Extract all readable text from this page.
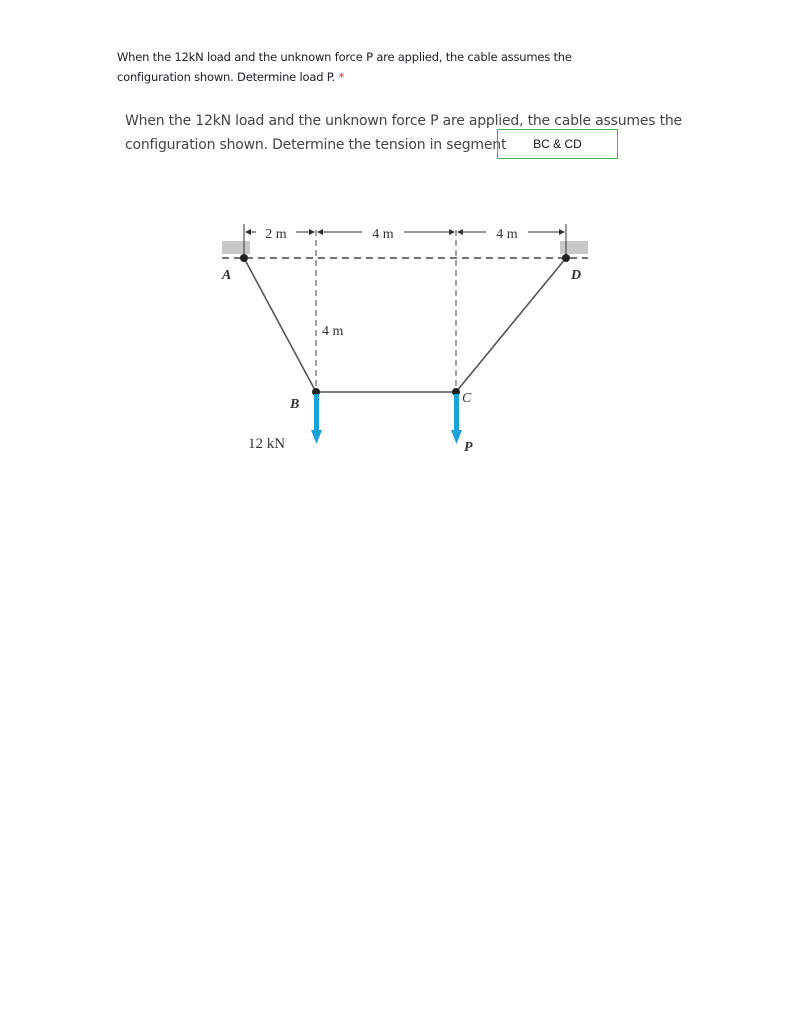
When the 12kN load and the unknown force P are applied, the cable assumes the
configuration shown. Determine load P. *
When the 12kN load and the unknown force P are applied, the cable assumes the
configuration shown. Determine the tension in segment	BC & CD
2 m	4 m	4 m
4 m
A
B	C
D
12 kN	P
